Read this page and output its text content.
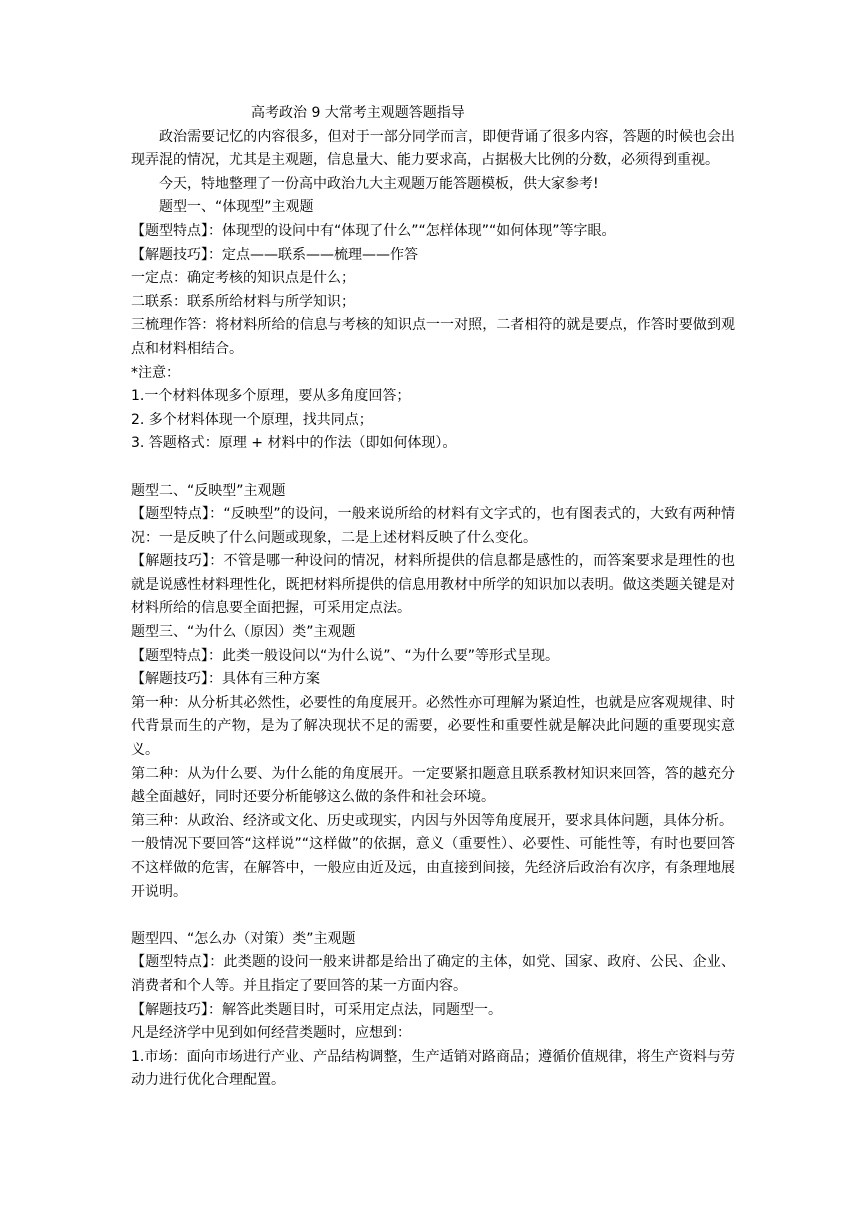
高考政治 9 大常考主观题答题指导

政治需要记忆的内容很多，但对于一部分同学而言，即便背诵了很多内容，答题的时候也会出现弄混的情况，尤其是主观题，信息量大、能力要求高，占据极大比例的分数，必须得到重视。

今天，特地整理了一份高中政治九大主观题万能答题模板，供大家参考!

题型一、“体现型”主观题

【题型特点】：体现型的设问中有“体现了什么”“怎样体现”“如何体现”等字眼。

【解题技巧】：定点——联系——梳理——作答

一定点：确定考核的知识点是什么；

二联系：联系所给材料与所学知识；

三梳理作答：将材料所给的信息与考核的知识点一一对照，二者相符的就是要点，作答时要做到观点和材料相结合。

*注意：

1.一个材料体现多个原理，要从多角度回答；

2. 多个材料体现一个原理，找共同点；

3. 答题格式：原理 + 材料中的作法（即如何体现）。

题型二、“反映型”主观题

【题型特点】：“反映型”的设问，一般来说所给的材料有文字式的，也有图表式的，大致有两种情况：一是反映了什么问题或现象，二是上述材料反映了什么变化。

【解题技巧】：不管是哪一种设问的情况，材料所提供的信息都是感性的，而答案要求是理性的也就是说感性材料理性化，既把材料所提供的信息用教材中所学的知识加以表明。做这类题关键是对材料所给的信息要全面把握，可采用定点法。

题型三、“为什么（原因）类”主观题

【题型特点】：此类一般设问以“为什么说”、“为什么要”等形式呈现。

【解题技巧】：具体有三种方案

第一种：从分析其必然性，必要性的角度展开。必然性亦可理解为紧迫性，也就是应客观规律、时代背景而生的产物，是为了解决现状不足的需要，必要性和重要性就是解决此问题的重要现实意义。

第二种：从为什么要、为什么能的角度展开。一定要紧扣题意且联系教材知识来回答，答的越充分越全面越好，同时还要分析能够这么做的条件和社会环境。

第三种：从政治、经济或文化、历史或现实，内因与外因等角度展开，要求具体问题，具体分析。

一般情况下要回答“这样说”“这样做”的依据，意义（重要性）、必要性、可能性等，有时也要回答不这样做的危害，在解答中，一般应由近及远，由直接到间接，先经济后政治有次序，有条理地展开说明。

题型四、“怎么办（对策）类”主观题

【题型特点】：此类题的设问一般来讲都是给出了确定的主体，如党、国家、政府、公民、企业、消费者和个人等。并且指定了要回答的某一方面内容。

【解题技巧】：解答此类题目时，可采用定点法，同题型一。

凡是经济学中见到如何经营类题时，应想到：

1.市场：面向市场进行产业、产品结构调整，生产适销对路商品；遵循价值规律，将生产资料与劳动力进行优化合理配置。
